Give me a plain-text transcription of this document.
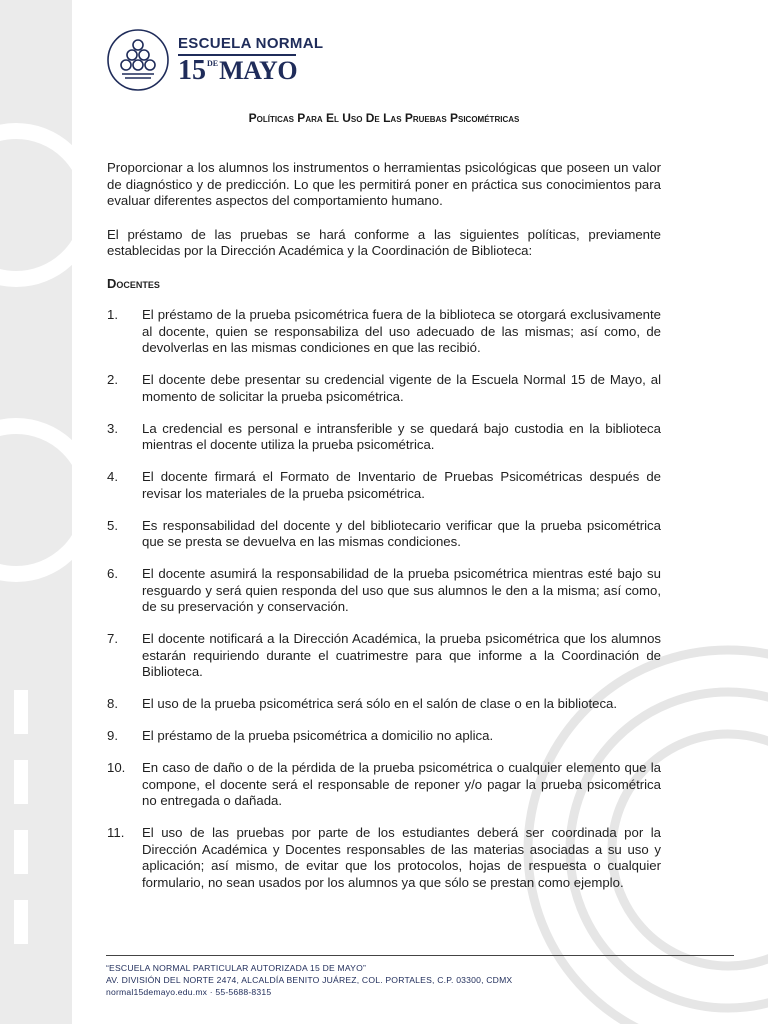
ESCUELA NORMAL
15DEMAYO
Políticas Para El Uso De Las Pruebas Psicométricas

Proporcionar a los alumnos los instrumentos o herramientas psicológicas que poseen un valor de diagnóstico y de predicción. Lo que les permitirá poner en práctica sus conocimientos para evaluar diferentes aspectos del comportamiento humano.

El préstamo de las pruebas se hará conforme a las siguientes políticas, previamente establecidas por la Dirección Académica y la Coordinación de Biblioteca:

Docentes
1. El préstamo de la prueba psicométrica fuera de la biblioteca se otorgará exclusivamente al docente, quien se responsabiliza del uso adecuado de las mismas; así como, de devolverlas en las mismas condiciones en que las recibió.
2. El docente debe presentar su credencial vigente de la Escuela Normal 15 de Mayo, al momento de solicitar la prueba psicométrica.
3. La credencial es personal e intransferible y se quedará bajo custodia en la biblioteca mientras el docente utiliza la prueba psicométrica.
4. El docente firmará el Formato de Inventario de Pruebas Psicométricas después de revisar los materiales de la prueba psicométrica.
5. Es responsabilidad del docente y del bibliotecario verificar que la prueba psicométrica que se presta se devuelva en las mismas condiciones.
6. El docente asumirá la responsabilidad de la prueba psicométrica mientras esté bajo su resguardo y será quien responda del uso que sus alumnos le den a la misma; así como, de su preservación y conservación.
7. El docente notificará a la Dirección Académica, la prueba psicométrica que los alumnos estarán requiriendo durante el cuatrimestre para que informe a la Coordinación de Biblioteca.
8. El uso de la prueba psicométrica será sólo en el salón de clase o en la biblioteca.
9. El préstamo de la prueba psicométrica a domicilio no aplica.
10. En caso de daño o de la pérdida de la prueba psicométrica o cualquier elemento que la compone, el docente será el responsable de reponer y/o pagar la prueba psicométrica no entregada o dañada.
11. El uso de las pruebas por parte de los estudiantes deberá ser coordinada por la Dirección Académica y Docentes responsables de las materias asociadas a su uso y aplicación; así mismo, de evitar que los protocolos, hojas de respuesta o cualquier formulario, no sean usados por los alumnos ya que sólo se prestan como ejemplo.
“ESCUELA NORMAL PARTICULAR AUTORIZADA 15 DE MAYO”
AV. DIVISIÓN DEL NORTE 2474, ALCALDÍA BENITO JUÁREZ, COL. PORTALES, C.P. 03300, CDMX
normal15demayo.edu.mx · 55-5688-8315
